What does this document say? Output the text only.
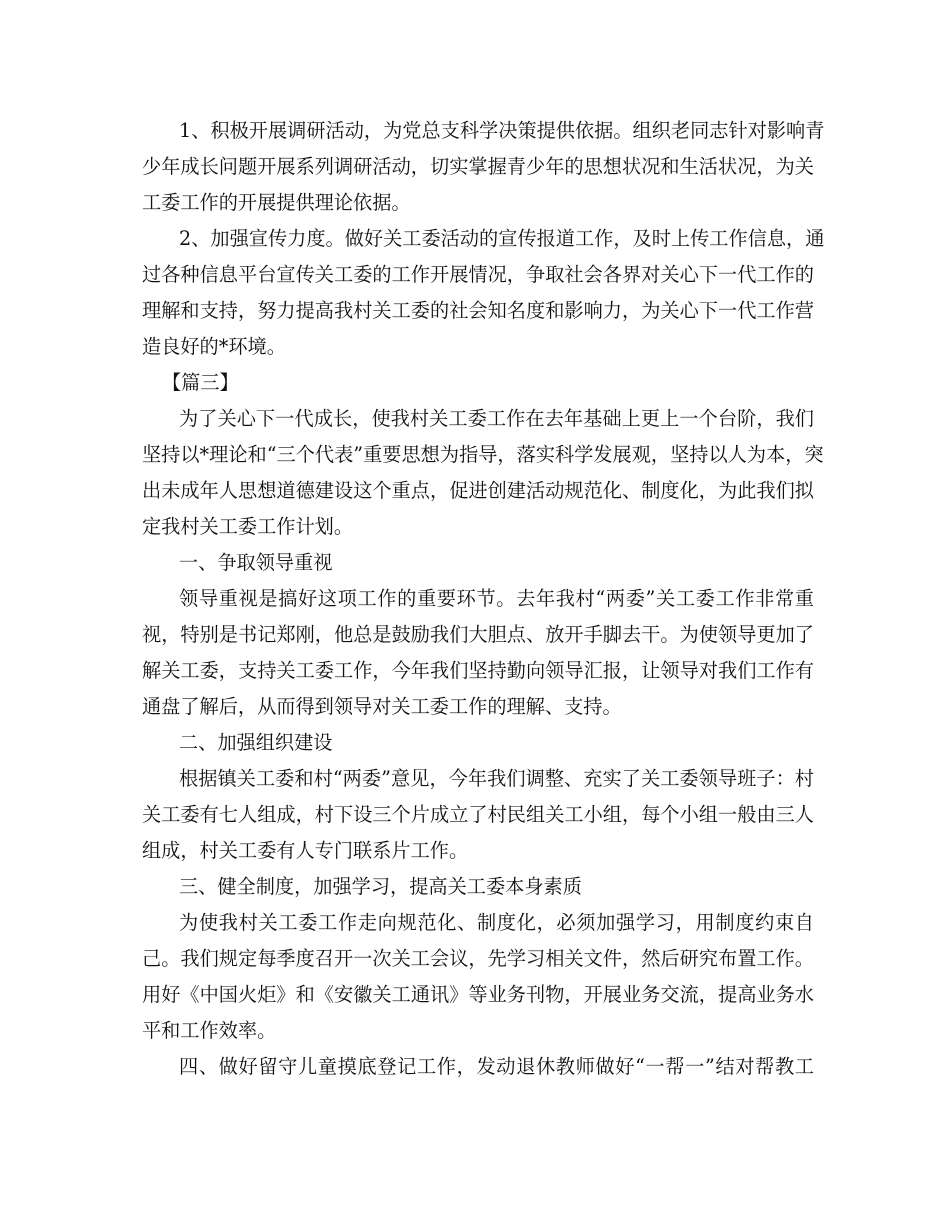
1、积极开展调研活动，为党总支科学决策提供依据。组织老同志针对影响青
少年成长问题开展系列调研活动，切实掌握青少年的思想状况和生活状况，为关
工委工作的开展提供理论依据。
2、加强宣传力度。做好关工委活动的宣传报道工作，及时上传工作信息，通
过各种信息平台宣传关工委的工作开展情况，争取社会各界对关心下一代工作的
理解和支持，努力提高我村关工委的社会知名度和影响力，为关心下一代工作营
造良好的*环境。
【篇三】
为了关心下一代成长，使我村关工委工作在去年基础上更上一个台阶，我们
坚持以*理论和“三个代表”重要思想为指导，落实科学发展观，坚持以人为本，突
出未成年人思想道德建设这个重点，促进创建活动规范化、制度化，为此我们拟
定我村关工委工作计划。
一、争取领导重视
领导重视是搞好这项工作的重要环节。去年我村“两委”关工委工作非常重
视，特别是书记郑刚，他总是鼓励我们大胆点、放开手脚去干。为使领导更加了
解关工委，支持关工委工作，今年我们坚持勤向领导汇报，让领导对我们工作有
通盘了解后，从而得到领导对关工委工作的理解、支持。
二、加强组织建设
根据镇关工委和村“两委”意见，今年我们调整、充实了关工委领导班子：村
关工委有七人组成，村下设三个片成立了村民组关工小组，每个小组一般由三人
组成，村关工委有人专门联系片工作。
三、健全制度，加强学习，提高关工委本身素质
为使我村关工委工作走向规范化、制度化，必须加强学习，用制度约束自
己。我们规定每季度召开一次关工会议，先学习相关文件，然后研究布置工作。
用好《中国火炬》和《安徽关工通讯》等业务刊物，开展业务交流，提高业务水
平和工作效率。
四、做好留守儿童摸底登记工作，发动退休教师做好“一帮一”结对帮教工
